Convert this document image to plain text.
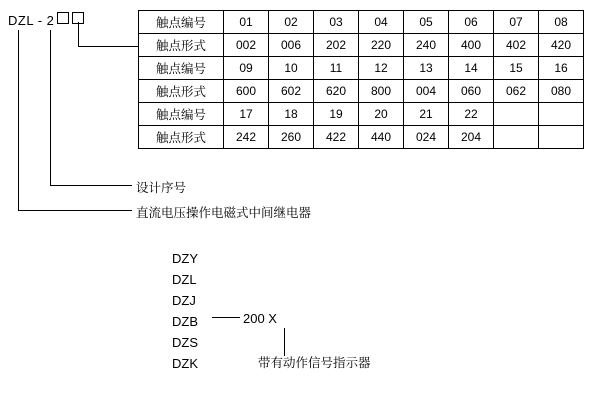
DZL - 2
设计序号
直流电压操作电磁式中间继电器
触点编号	01	02	03	04	05	06	07	08
触点形式	002	006	202	220	240	400	402	420
触点编号	09	10	11	12	13	14	15	16
触点形式	600	602	620	800	004	060	062	080
触点编号	17	18	19	20	21	22		
触点形式	242	260	422	440	024	204		
DZY
DZL
DZJ
DZB
DZS
DZK
200 X
带有动作信号指示器
